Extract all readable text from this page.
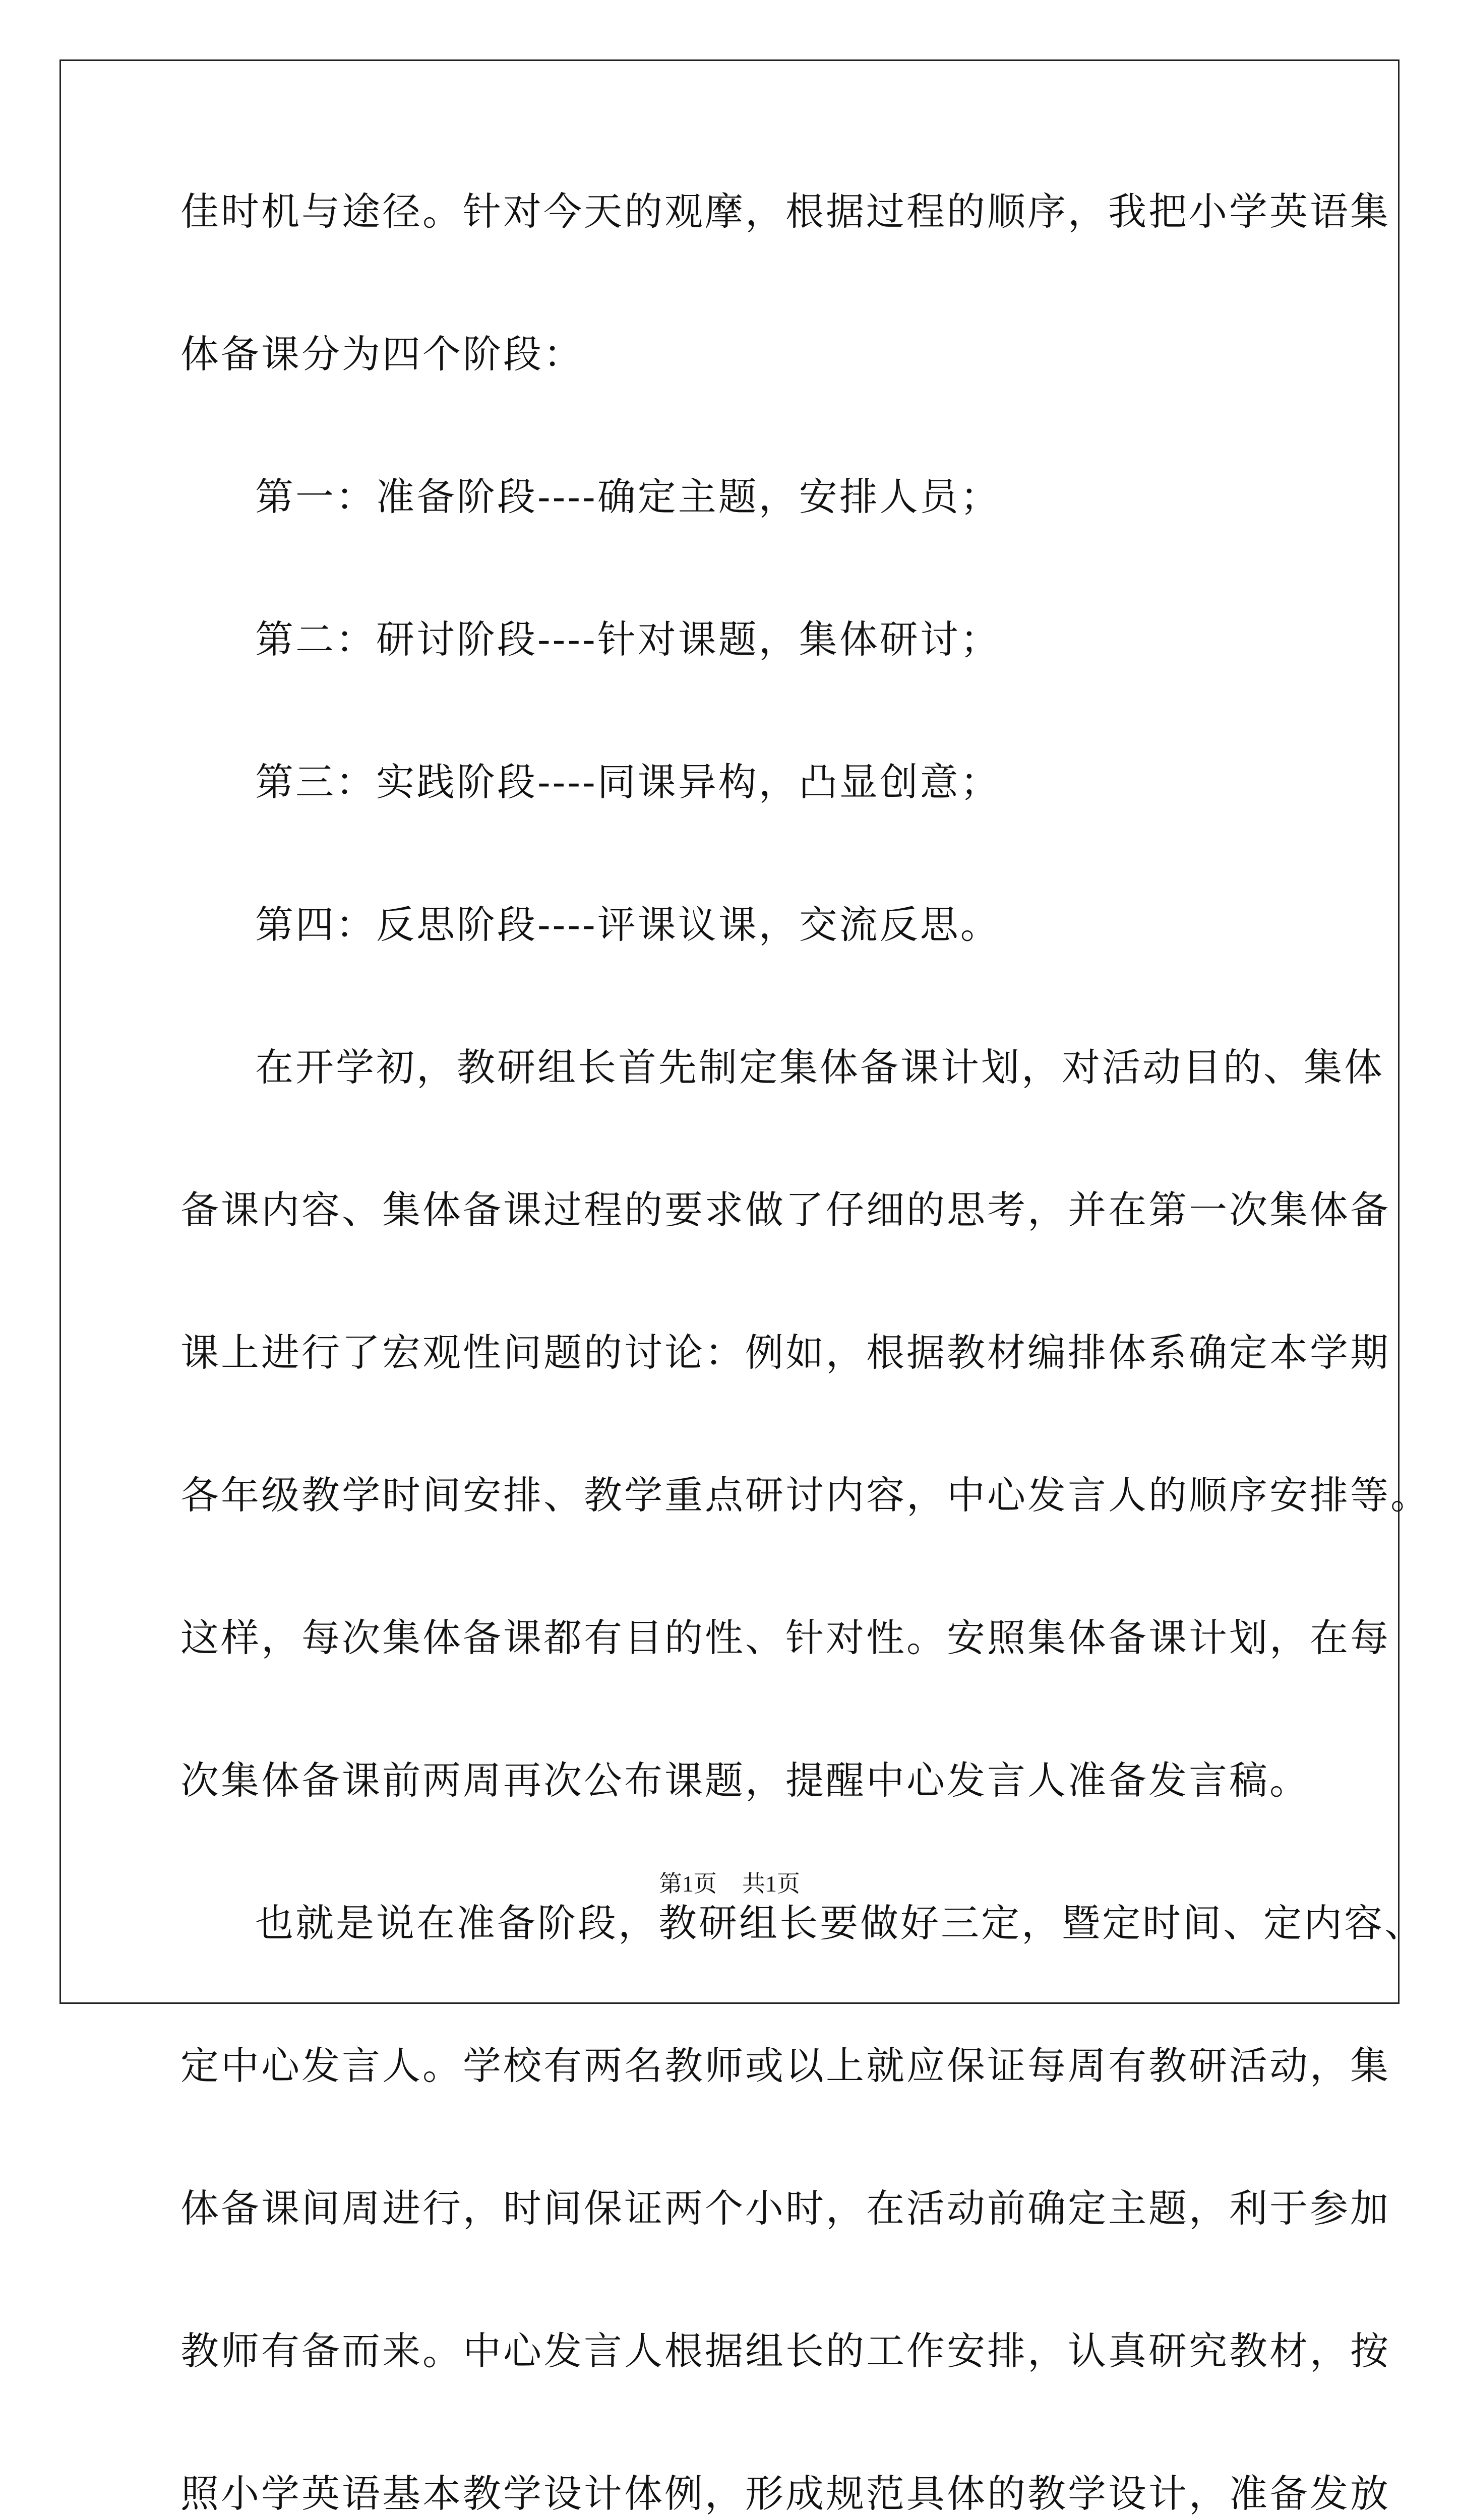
佳时机与途径。针对今天的观摩，根据过程的顺序，我把小学英语集
体备课分为四个阶段：
第一：准备阶段----确定主题，安排人员；
第二：研讨阶段----针对课题，集体研讨；
第三：实践阶段----同课异构，凸显创意；
第四：反思阶段----评课议课，交流反思。
在开学初，教研组长首先制定集体备课计划，对活动目的、集体
备课内容、集体备课过程的要求做了仔细的思考，并在第一次集体备
课上进行了宏观性问题的讨论：例如，根据教材编排体系确定本学期
各年级教学时间安排、教学重点研讨内容，中心发言人的顺序安排等。
这样，每次集体备课都有目的性、针对性。安照集体备课计划，在每
次集体备课前两周再次公布课题，提醒中心发言人准备发言稿。
也就是说在准备阶段，教研组长要做好三定，暨定时间、定内容、
定中心发言人。学校有两名教师或以上就应保证每周有教研活动，集
体备课间周进行，时间保证两个小时，在活动前确定主题，利于参加
教师有备而来。中心发言人根据组长的工作安排，认真研究教材，按
照小学英语基本教学设计体例，形成规范具体的教学设计，准备发放
第1页 共1页
